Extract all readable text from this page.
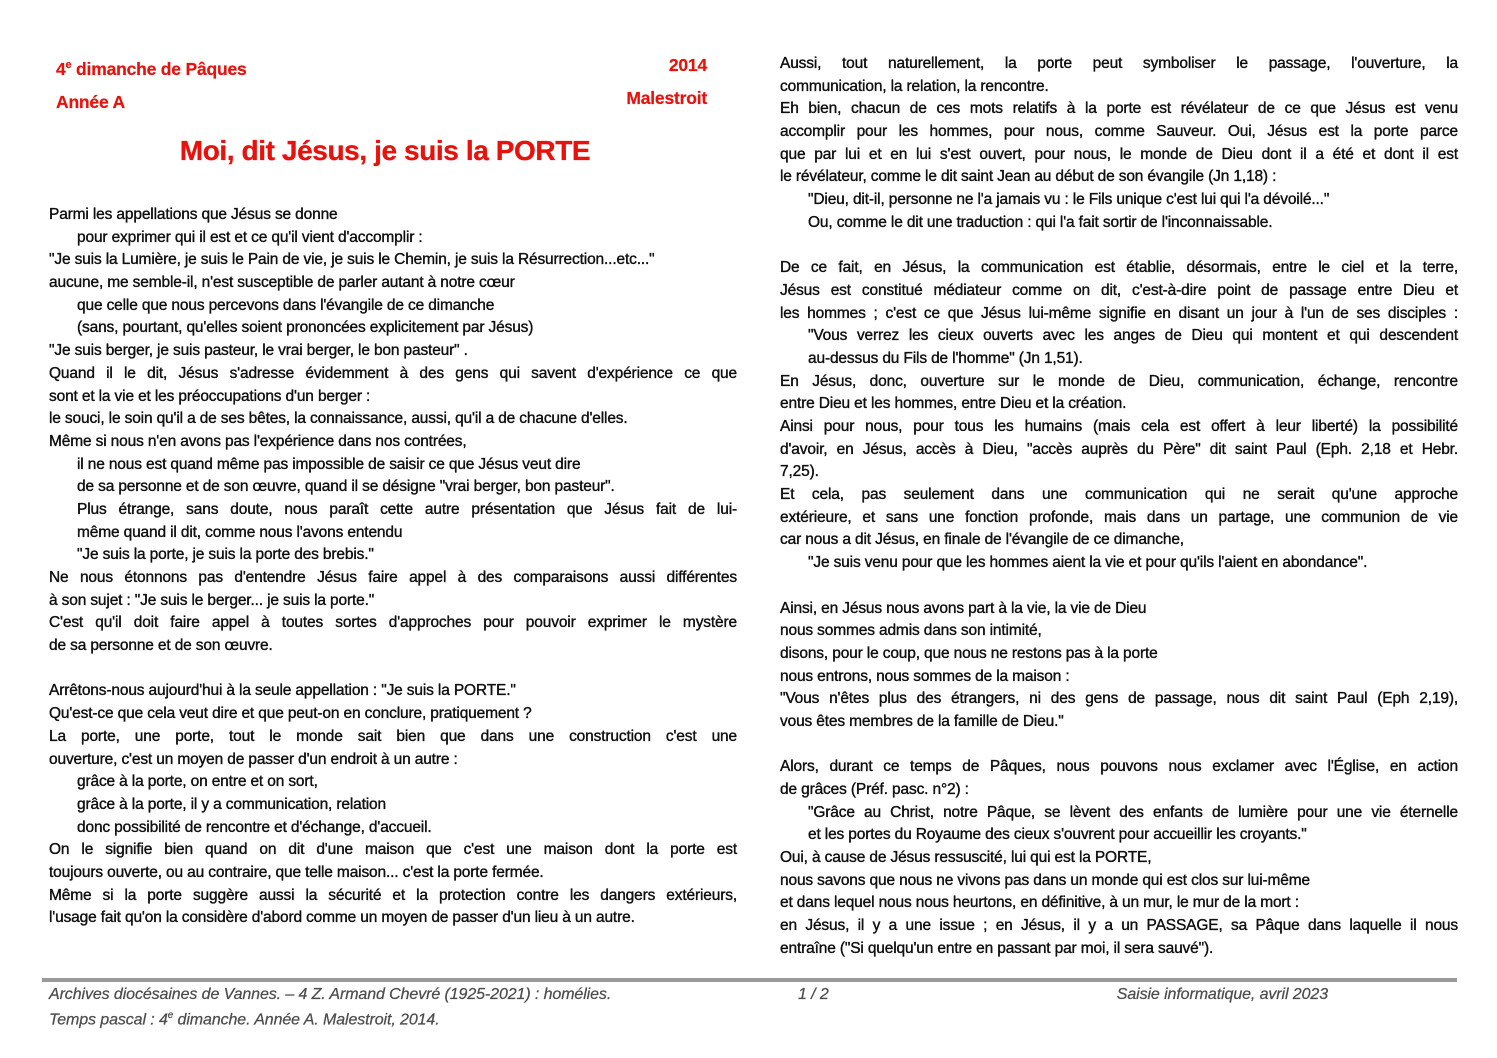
4e dimanche de Pâques
Année A
2014
Malestroit
Moi, dit Jésus, je suis la PORTE
Parmi les appellations que Jésus se donne
pour exprimer qui il est et ce qu'il vient d'accomplir :
"Je suis la Lumière, je suis le Pain de vie, je suis le Chemin, je suis la Résurrection...etc..."
aucune, me semble-il, n'est susceptible de parler autant à notre cœur
que celle que nous percevons dans l'évangile de ce dimanche
(sans, pourtant, qu'elles soient prononcées explicitement par Jésus)
"Je suis berger, je suis pasteur, le vrai berger, le bon pasteur" .
Quand il le dit, Jésus s'adresse évidemment à des gens qui savent d'expérience ce que
sont et la vie et les préoccupations d'un berger :
le souci, le soin qu'il a de ses bêtes, la connaissance, aussi, qu'il a de chacune d'elles.
Même si nous n'en avons pas l'expérience dans nos contrées,
il ne nous est quand même pas impossible de saisir ce que Jésus veut dire
de sa personne et de son œuvre, quand il se désigne "vrai berger, bon pasteur".
Plus étrange, sans doute, nous paraît cette autre présentation que Jésus fait de lui-
même quand il dit, comme nous l'avons entendu
"Je suis la porte, je suis la porte des brebis."
Ne nous étonnons pas d'entendre Jésus faire appel à des comparaisons aussi différentes
à son sujet : "Je suis le berger... je suis la porte."
C'est qu'il doit faire appel à toutes sortes d'approches pour pouvoir exprimer le mystère
de sa personne et de son œuvre.

Arrêtons-nous aujourd'hui à la seule appellation : "Je suis la PORTE."
Qu'est-ce que cela veut dire et que peut-on en conclure, pratiquement ?
La porte, une porte, tout le monde sait bien que dans une construction c'est une
ouverture, c'est un moyen de passer d'un endroit à un autre :
grâce à la porte, on entre et on sort,
grâce à la porte, il y a communication, relation
donc possibilité de rencontre et d'échange, d'accueil.
On le signifie bien quand on dit d'une maison que c'est une maison dont la porte est
toujours ouverte, ou au contraire, que telle maison... c'est la porte fermée.
Même si la porte suggère aussi la sécurité et la protection contre les dangers extérieurs,
l'usage fait qu'on la considère d'abord comme un moyen de passer d'un lieu à un autre.
Aussi, tout naturellement, la porte peut symboliser le passage, l'ouverture, la
communication, la relation, la rencontre.
Eh bien, chacun de ces mots relatifs à la porte est révélateur de ce que Jésus est venu
accomplir pour les hommes, pour nous, comme Sauveur. Oui, Jésus est la porte parce
que par lui et en lui s'est ouvert, pour nous, le monde de Dieu dont il a été et dont il est
le révélateur, comme le dit saint Jean au début de son évangile (Jn 1,18) :
"Dieu, dit-il, personne ne l'a jamais vu : le Fils unique c'est lui qui l'a dévoilé..."
Ou, comme le dit une traduction : qui l'a fait sortir de l'inconnaissable.

De ce fait, en Jésus, la communication est établie, désormais, entre le ciel et la terre,
Jésus est constitué médiateur comme on dit, c'est-à-dire point de passage entre Dieu et
les hommes ; c'est ce que Jésus lui-même signifie en disant un jour à l'un de ses disciples :
"Vous verrez les cieux ouverts avec les anges de Dieu qui montent et qui descendent
au-dessus du Fils de l'homme" (Jn 1,51).
En Jésus, donc, ouverture sur le monde de Dieu, communication, échange, rencontre
entre Dieu et les hommes, entre Dieu et la création.
Ainsi pour nous, pour tous les humains (mais cela est offert à leur liberté) la possibilité
d'avoir, en Jésus, accès à Dieu, "accès auprès du Père" dit saint Paul (Eph. 2,18 et Hebr.
7,25).
Et cela, pas seulement dans une communication qui ne serait qu'une approche
extérieure, et sans une fonction profonde, mais dans un partage, une communion de vie
car nous a dit Jésus, en finale de l'évangile de ce dimanche,
"Je suis venu pour que les hommes aient la vie et pour qu'ils l'aient en abondance".

Ainsi, en Jésus nous avons part à la vie, la vie de Dieu
nous sommes admis dans son intimité,
disons, pour le coup, que nous ne restons pas à la porte
nous entrons, nous sommes de la maison :
"Vous n'êtes plus des étrangers, ni des gens de passage, nous dit saint Paul (Eph 2,19),
vous êtes membres de la famille de Dieu."

Alors, durant ce temps de Pâques, nous pouvons nous exclamer avec l'Église, en action
de grâces (Préf. pasc. n°2) :
"Grâce au Christ, notre Pâque, se lèvent des enfants de lumière pour une vie éternelle
et les portes du Royaume des cieux s'ouvrent pour accueillir les croyants."
Oui, à cause de Jésus ressuscité, lui qui est la PORTE,
nous savons que nous ne vivons pas dans un monde qui est clos sur lui-même
et dans lequel nous nous heurtons, en définitive, à un mur, le mur de la mort :
en Jésus, il y a une issue ; en Jésus, il y a un PASSAGE, sa Pâque dans laquelle il nous
entraîne ("Si quelqu'un entre en passant par moi, il sera sauvé").
Archives diocésaines de Vannes. – 4 Z. Armand Chevré (1925-2021) : homélies.	1 / 2	Saisie informatique, avril 2023
Temps pascal : 4e dimanche. Année A. Malestroit, 2014.
